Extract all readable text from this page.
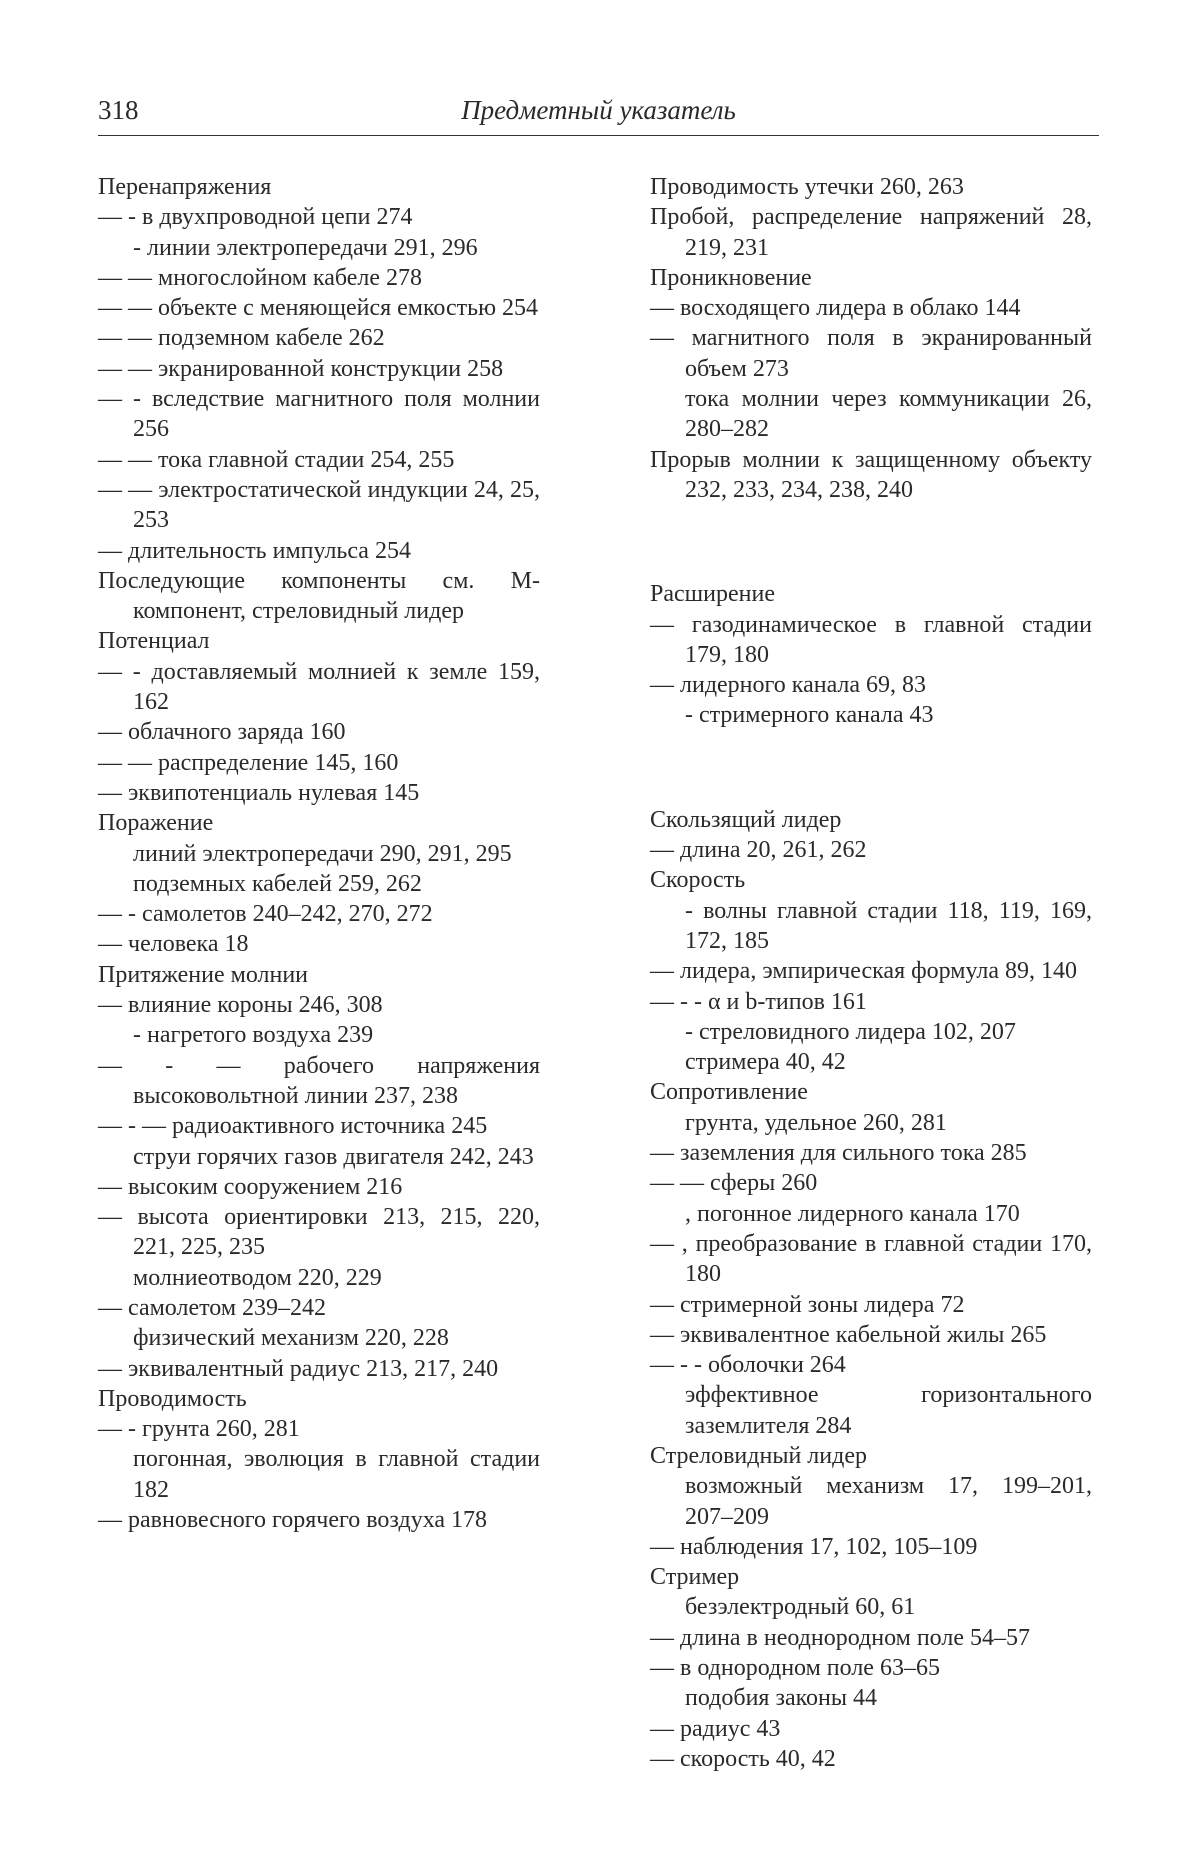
318	Предметный указатель

Перенапряжения

— - в двухпроводной цепи 274

- линии электропередачи 291, 296

— — многослойном кабеле 278

— — объекте с меняющейся емкостью 254

— — подземном кабеле 262

— — экранированной конструкции 258

— - вследствие магнитного поля молнии 256

— — тока главной стадии 254, 255

— — электростатической индукции 24, 25, 253

— длительность импульса 254

Последующие компоненты см. М-компонент, стреловидный лидер

Потенциал

— - доставляемый молнией к земле 159, 162

— облачного заряда 160

— — распределение 145, 160

— эквипотенциаль нулевая 145

Поражение

линий электропередачи 290, 291, 295

подземных кабелей 259, 262

— - самолетов 240–242, 270, 272

— человека 18

Притяжение молнии

— влияние короны 246, 308

- нагретого воздуха 239

— - — рабочего напряжения высоковольтной линии 237, 238

— - — радиоактивного источника 245

струи горячих газов двигателя 242, 243

— высоким сооружением 216

— высота ориентировки 213, 215, 220, 221, 225, 235

молниеотводом 220, 229

— самолетом 239–242

физический механизм 220, 228

— эквивалентный радиус 213, 217, 240

Проводимость

— - грунта 260, 281

погонная, эволюция в главной стадии 182

— равновесного горячего воздуха 178

Проводимость утечки 260, 263

Пробой, распределение напряжений 28, 219, 231

Проникновение

— восходящего лидера в облако 144

— магнитного поля в экранированный объем 273

тока молнии через коммуникации 26, 280–282

Прорыв молнии к защищенному объекту 232, 233, 234, 238, 240

Расширение

— газодинамическое в главной стадии 179, 180

— лидерного канала 69, 83

- стримерного канала 43

Скользящий лидер

— длина 20, 261, 262

Скорость

- волны главной стадии 118, 119, 169, 172, 185

— лидера, эмпирическая формула 89, 140

— - - α и b-типов 161

- стреловидного лидера 102, 207

стримера 40, 42

Сопротивление

грунта, удельное 260, 281

— заземления для сильного тока 285

— — сферы 260

, погонное лидерного канала 170

— , преобразование в главной стадии 170, 180

— стримерной зоны лидера 72

— эквивалентное кабельной жилы 265

— - - оболочки 264

эффективное горизонтального заземлителя 284

Стреловидный лидер

возможный механизм 17, 199–201, 207–209

— наблюдения 17, 102, 105–109

Стример

безэлектродный 60, 61

— длина в неоднородном поле 54–57

— в однородном поле 63–65

подобия законы 44

— радиус 43

— скорость 40, 42
